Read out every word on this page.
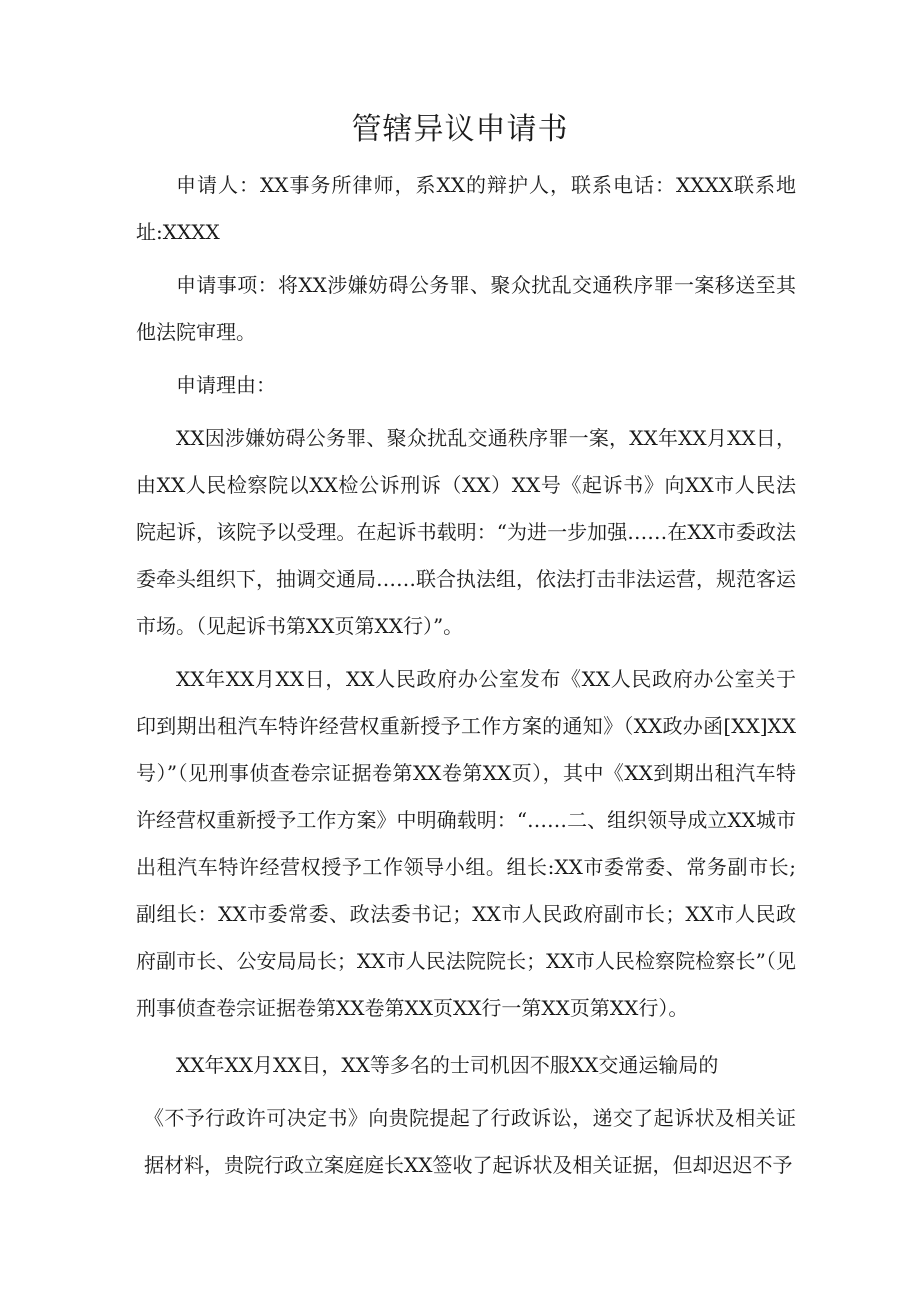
管辖异议申请书

申请人：XX事务所律师，系XX的辩护人，联系电话：XXXX联系地址:XXXX

申请事项：将XX涉嫌妨碍公务罪、聚众扰乱交通秩序罪一案移送至其他法院审理。

申请理由：

XX因涉嫌妨碍公务罪、聚众扰乱交通秩序罪一案，XX年XX月XX日，由XX人民检察院以XX检公诉刑诉（XX）XX号《起诉书》向XX市人民法院起诉，该院予以受理。在起诉书载明：“为进一步加强……在XX市委政法委牵头组织下，抽调交通局……联合执法组，依法打击非法运营，规范客运市场。（见起诉书第XX页第XX行）”。

XX年XX月XX日，XX人民政府办公室发布《XX人民政府办公室关于印到期出租汽车特许经营权重新授予工作方案的通知》（XX政办函[XX]XX号）”（见刑事侦查卷宗证据卷第XX卷第XX页），其中《XX到期出租汽车特许经营权重新授予工作方案》中明确载明：“……二、组织领导成立XX城市出租汽车特许经营权授予工作领导小组。组长:XX市委常委、常务副市长;副组长：XX市委常委、政法委书记；XX市人民政府副市长；XX市人民政府副市长、公安局局长；XX市人民法院院长；XX市人民检察院检察长”（见刑事侦查卷宗证据卷第XX卷第XX页XX行一第XX页第XX行）。

XX年XX月XX日，XX等多名的士司机因不服XX交通运输局的

《不予行政许可决定书》向贵院提起了行政诉讼，递交了起诉状及相关证据材料，贵院行政立案庭庭长XX签收了起诉状及相关证据，但却迟迟不予
